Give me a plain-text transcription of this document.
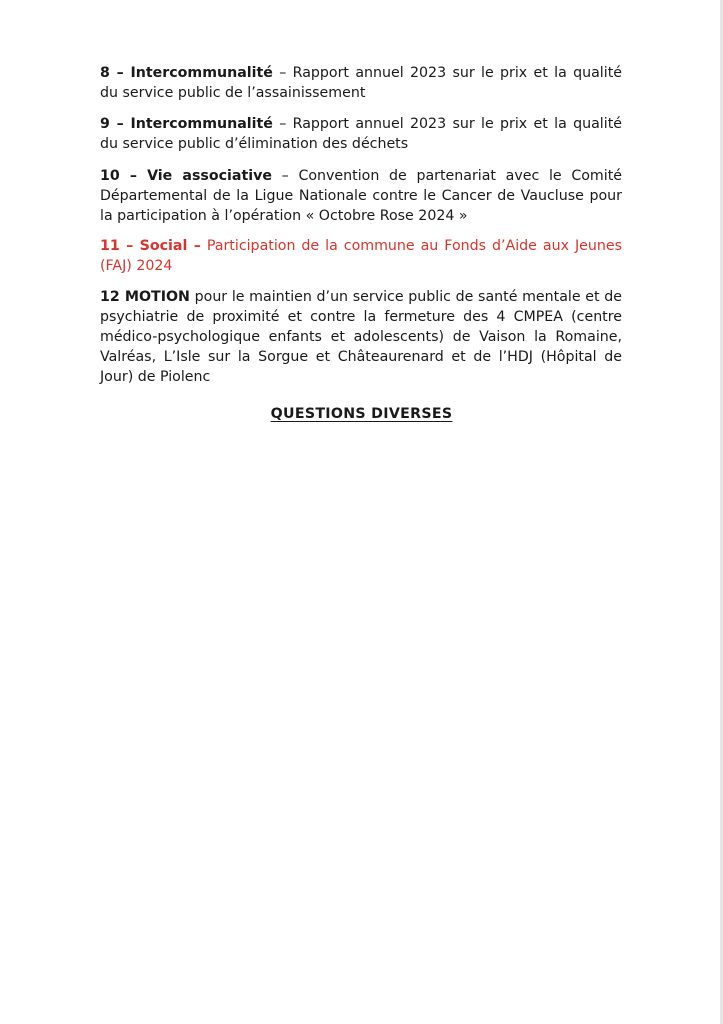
8 – Intercommunalité – Rapport annuel 2023 sur le prix et la qualité du service public de l’assainissement

9 – Intercommunalité – Rapport annuel 2023 sur le prix et la qualité du service public d’élimination des déchets

10 – Vie associative – Convention de partenariat avec le Comité Départemental de la Ligue Nationale contre le Cancer de Vaucluse pour la participation à l’opération « Octobre Rose 2024 »

11 – Social – Participation de la commune au Fonds d’Aide aux Jeunes (FAJ) 2024

12 MOTION pour le maintien d’un service public de santé mentale et de psychiatrie de proximité et contre la fermeture des 4 CMPEA (centre médico-psychologique enfants et adolescents) de Vaison la Romaine, Valréas, L’Isle sur la Sorgue et Châteaurenard et de l’HDJ (Hôpital de Jour) de Piolenc

QUESTIONS DIVERSES
